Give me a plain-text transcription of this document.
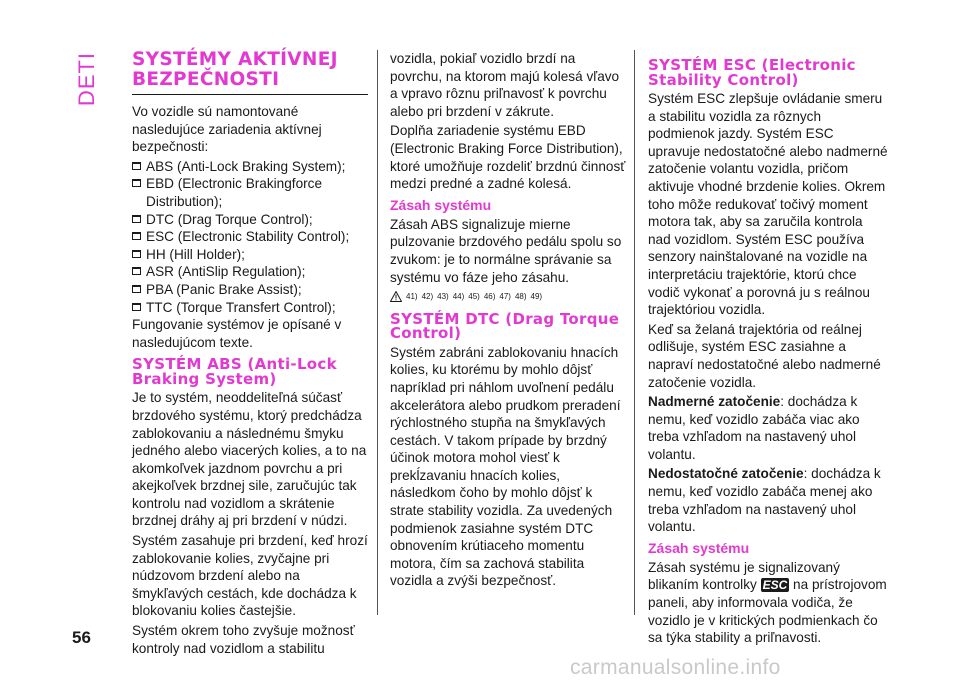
DETI
56
carmanualsonline.info
SYSTÉMY AKTÍVNEJ BEZPEČNOSTI

Vo vozidle sú namontované nasledujúce zariadenia aktívnej bezpečnosti:

ABS (Anti-Lock Braking System);
EBD (Electronic Brakingforce Distribution);
DTC (Drag Torque Control);
ESC (Electronic Stability Control);
HH (Hill Holder);
ASR (AntiSlip Regulation);
PBA (Panic Brake Assist);
TTC (Torque Transfert Control);

Fungovanie systémov je opísané v nasledujúcom texte.

SYSTÉM ABS (Anti-Lock Braking System)

Je to systém, neoddeliteľná súčasť brzdového systému, ktorý predchádza zablokovaniu a následnému šmyku jedného alebo viacerých kolies, a to na akomkoľvek jazdnom povrchu a pri akejkoľvek brzdnej sile, zaručujúc tak kontrolu nad vozidlom a skrátenie brzdnej dráhy aj pri brzdení v núdzi.

Systém zasahuje pri brzdení, keď hrozí zablokovanie kolies, zvyčajne pri núdzovom brzdení alebo na šmykľavých cestách, kde dochádza k blokovaniu kolies častejšie.

Systém okrem toho zvyšuje možnosť kontroly nad vozidlom a stabilitu

vozidla, pokiaľ vozidlo brzdí na povrchu, na ktorom majú kolesá vľavo a vpravo rôznu priľnavosť k povrchu alebo pri brzdení v zákrute.

Doplňa zariadenie systému EBD (Electronic Braking Force Distribution), ktoré umožňuje rozdeliť brzdnú činnosť medzi predné a zadné kolesá.

Zásah systému

Zásah ABS signalizuje mierne pulzovanie brzdového pedálu spolu so zvukom: je to normálne správanie sa systému vo fáze jeho zásahu.

41) 42) 43) 44) 45) 46) 47) 48) 49)
SYSTÉM DTC (Drag Torque Control)

Systém zabráni zablokovaniu hnacích kolies, ku ktorému by mohlo dôjsť napríklad pri náhlom uvoľnení pedálu akcelerátora alebo prudkom preradení rýchlostného stupňa na šmykľavých cestách. V takom prípade by brzdný účinok motora mohol viesť k prekĺzavaniu hnacích kolies, následkom čoho by mohlo dôjsť k strate stability vozidla. Za uvedených podmienok zasiahne systém DTC obnovením krútiaceho momentu motora, čím sa zachová stabilita vozidla a zvýši bezpečnosť.

SYSTÉM ESC (Electronic Stability Control)

Systém ESC zlepšuje ovládanie smeru a stabilitu vozidla za rôznych podmienok jazdy. Systém ESC upravuje nedostatočné alebo nadmerné zatočenie volantu vozidla, pričom aktivuje vhodné brzdenie kolies. Okrem toho môže redukovať točivý moment motora tak, aby sa zaručila kontrola nad vozidlom. Systém ESC používa senzory nainštalované na vozidle na interpretáciu trajektórie, ktorú chce vodič vykonať a porovná ju s reálnou trajektóriou vozidla.

Keď sa želaná trajektória od reálnej odlišuje, systém ESC zasiahne a napraví nedostatočné alebo nadmerné zatočenie vozidla.

Nadmerné zatočenie: dochádza k nemu, keď vozidlo zabáča viac ako treba vzhľadom na nastavený uhol volantu.

Nedostatočné zatočenie: dochádza k nemu, keď vozidlo zabáča menej ako treba vzhľadom na nastavený uhol volantu.

Zásah systému

Zásah systému je signalizovaný blikaním kontrolky ESC na prístrojovom paneli, aby informovala vodiča, že vozidlo je v kritických podmienkach čo sa týka stability a priľnavosti.
